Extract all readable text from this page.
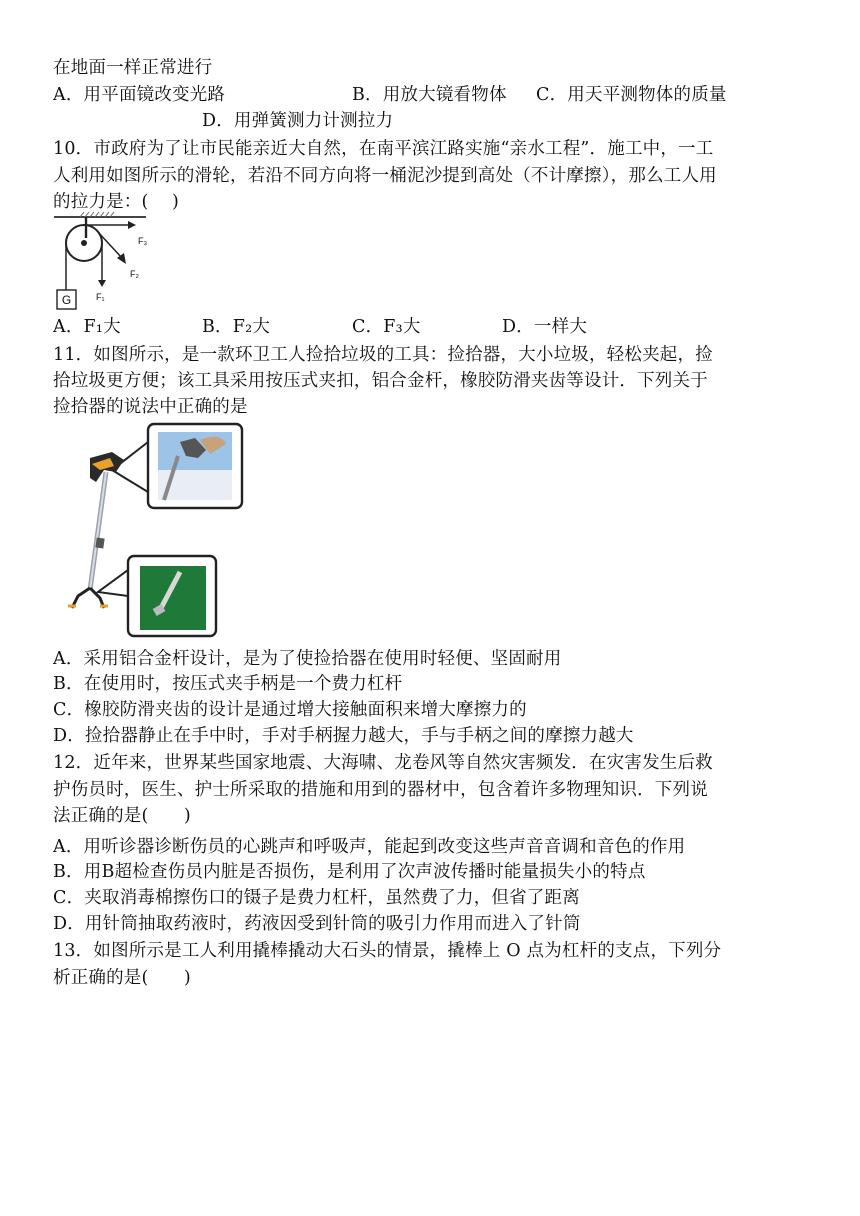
在地面一样正常进行
A．用平面镜改变光路	B．用放大镜看物体 C．用天平测物体的质量
D．用弹簧测力计测拉力
10．市政府为了让市民能亲近大自然，在南平滨江路实施“亲水工程”．施工中，一工
人利用如图所示的滑轮，若沿不同方向将一桶泥沙提到高处（不计摩擦），那么工人用
的拉力是：(　 )
G
F₃
F₂
F₁
A．F₁大	B．F₂大	C．F₃大	D．一样大
11．如图所示，是一款环卫工人捡拾垃圾的工具：捡拾器，大小垃圾，轻松夹起，捡
拾垃圾更方便；该工具采用按压式夹扣，铝合金杆，橡胶防滑夹齿等设计．下列关于
捡拾器的说法中正确的是
A．采用铝合金杆设计，是为了使捡拾器在使用时轻便、坚固耐用
B．在使用时，按压式夹手柄是一个费力杠杆
C．橡胶防滑夹齿的设计是通过增大接触面积来增大摩擦力的
D．捡拾器静止在手中时，手对手柄握力越大，手与手柄之间的摩擦力越大
12．近年来，世界某些国家地震、大海啸、龙卷风等自然灾害频发．在灾害发生后救
护伤员时，医生、护士所采取的措施和用到的器材中，包含着许多物理知识．下列说
法正确的是(　　)
A．用听诊器诊断伤员的心跳声和呼吸声，能起到改变这些声音音调和音色的作用
B．用B超检查伤员内脏是否损伤，是利用了次声波传播时能量损失小的特点
C．夹取消毒棉擦伤口的镊子是费力杠杆，虽然费了力，但省了距离
D．用针筒抽取药液时，药液因受到针筒的吸引力作用而进入了针筒
13．如图所示是工人利用撬棒撬动大石头的情景，撬棒上 O 点为杠杆的支点，下列分
析正确的是(　　)
